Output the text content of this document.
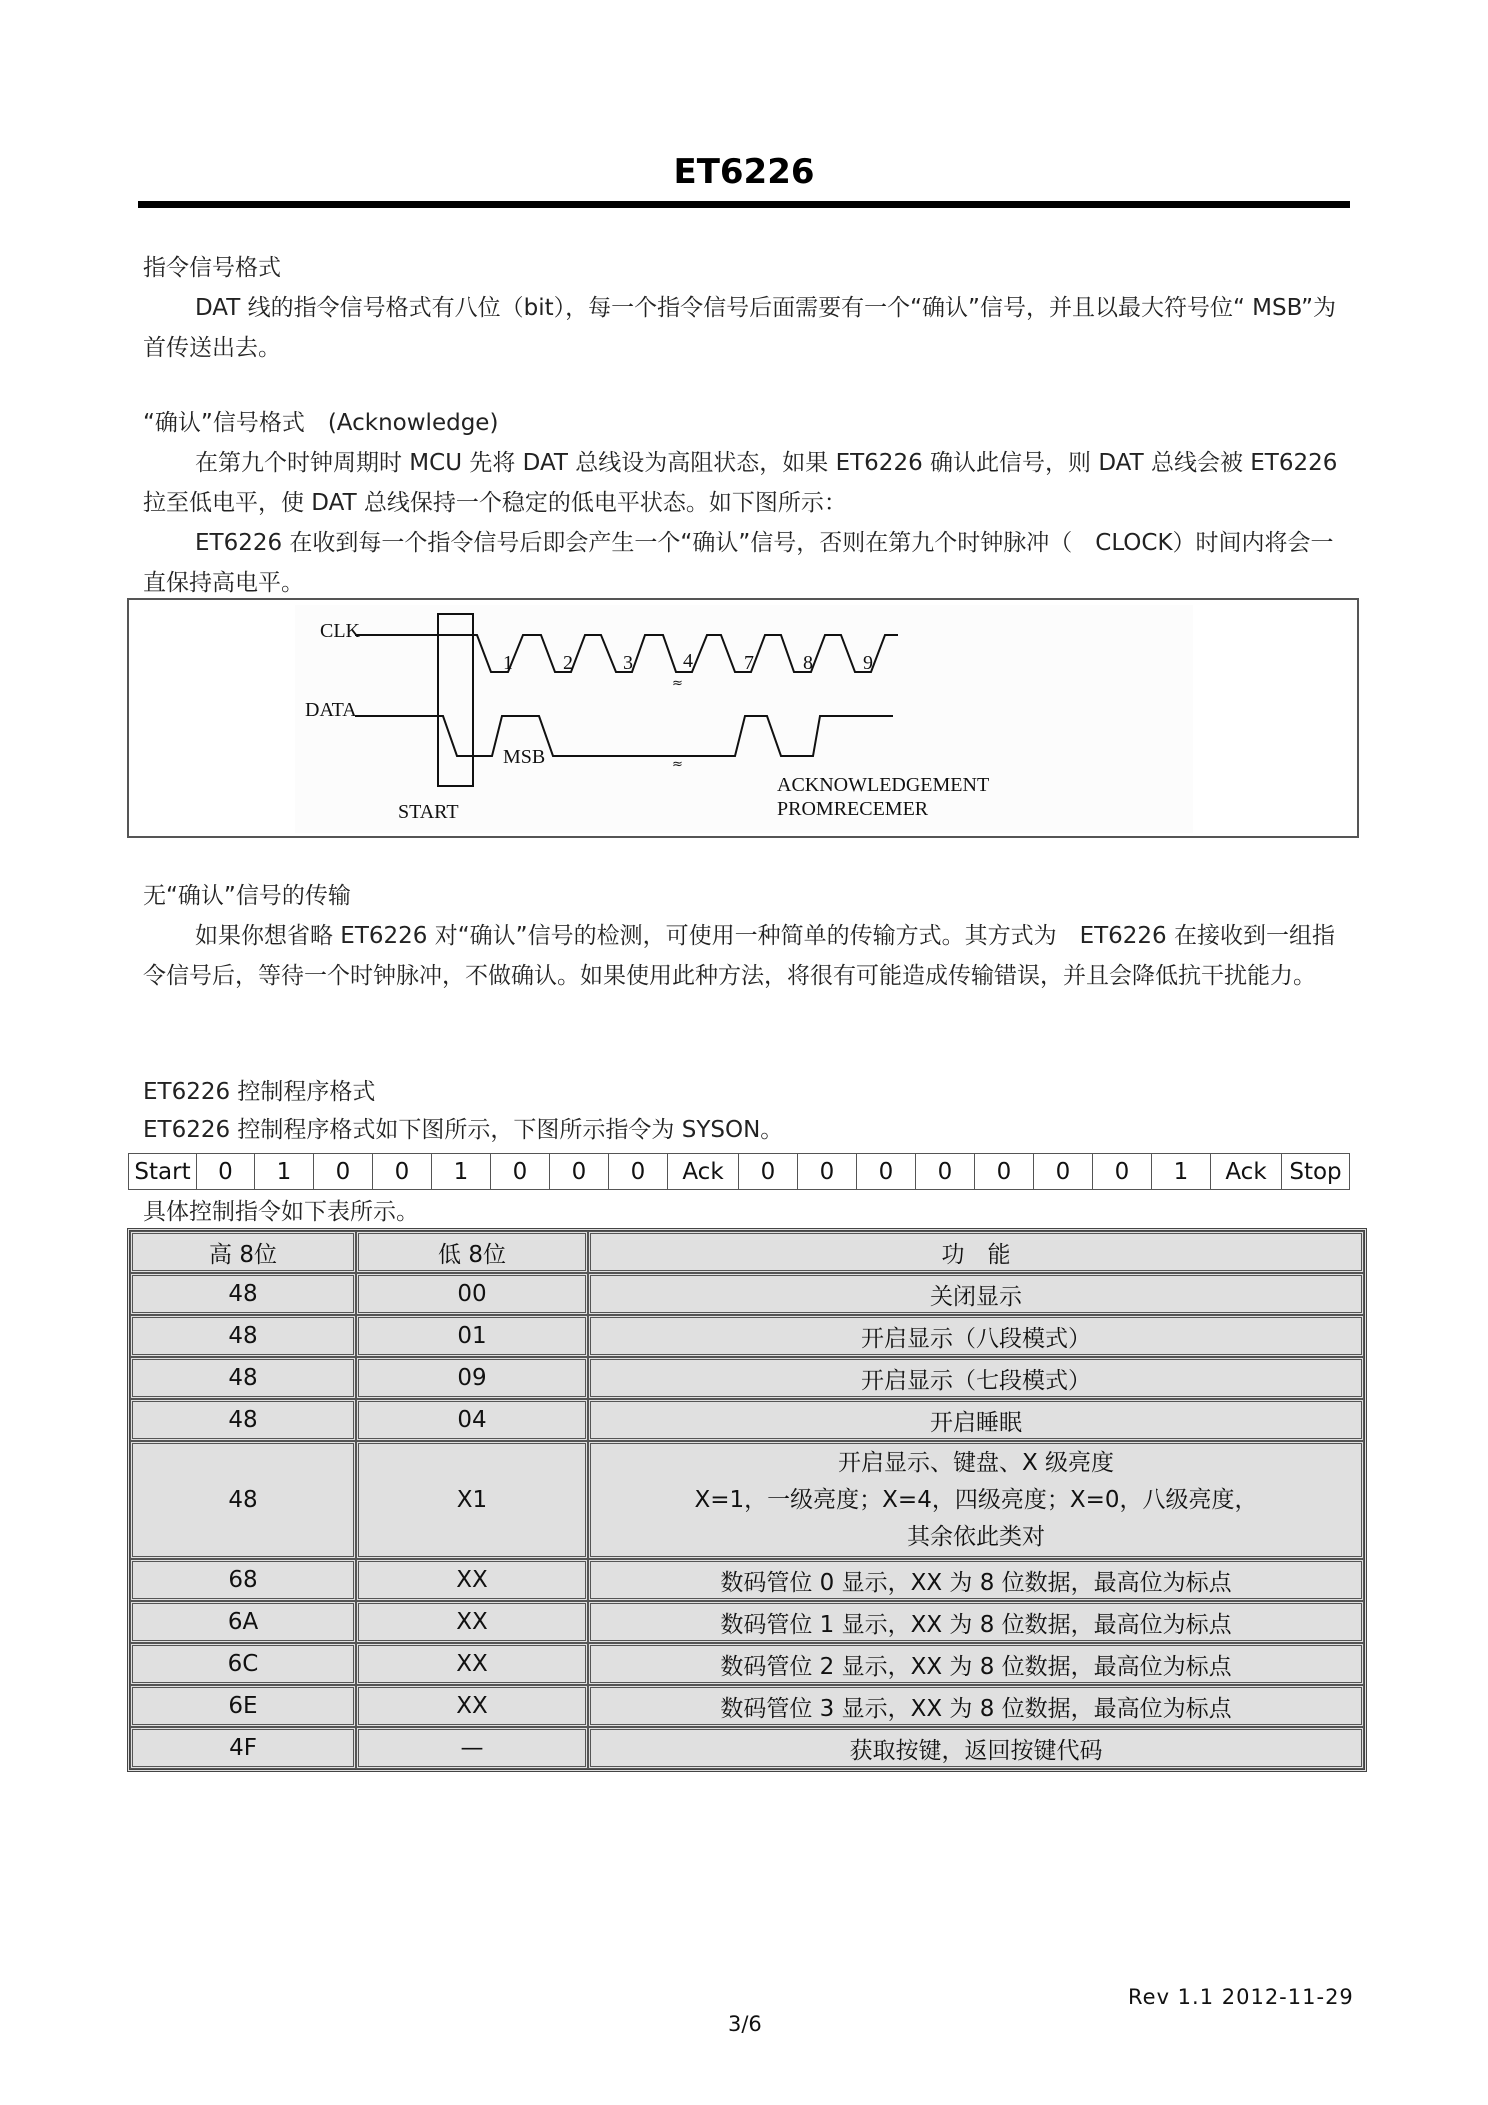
ET6226

指令信号格式

DAT 线的指令信号格式有八位（bit），每一个指令信号后面需要有一个“确认”信号，并且以最大符号位“ MSB”为首传送出去。

“确认”信号格式　(Acknowledge)

在第九个时钟周期时 MCU 先将 DAT 总线设为高阻状态，如果 ET6226 确认此信号，则 DAT 总线会被 ET6226 拉至低电平，使 DAT 总线保持一个稳定的低电平状态。如下图所示：

ET6226 在收到每一个指令信号后即会产生一个“确认”信号，否则在第九个时钟脉冲（　CLOCK）时间内将会一直保持高电平。

CLK
DATA
≈
1	2	3	4	7 8	9
≈
MSB
START
ACKNOWLEDGEMENT
PROMRECEMER

无“确认”信号的传输

如果你想省略 ET6226 对“确认”信号的检测，可使用一种简单的传输方式。其方式为　ET6226 在接收到一组指令信号后，等待一个时钟脉冲，不做确认。如果使用此种方法，将很有可能造成传输错误，并且会降低抗干扰能力。

ET6226 控制程序格式

ET6226 控制程序格式如下图所示，下图所示指令为 SYSON。

Start	0	1	0	0	1	0	0	0	Ack	0	0	0	0	0	0	0	1	Ack	Stop

具体控制指令如下表所示。

高 8位	低 8位	功　能
48	00	关闭显示
48	01	开启显示（八段模式）
48	09	开启显示（七段模式）
48	04	开启睡眠
48	X1	开启显示、键盘、X 级亮度
X=1，一级亮度；X=4，四级亮度；X=0，八级亮度，
其余依此类对

68	XX	数码管位 0 显示，XX 为 8 位数据，最高位为标点
6A	XX	数码管位 1 显示，XX 为 8 位数据，最高位为标点
6C	XX	数码管位 2 显示，XX 为 8 位数据，最高位为标点
6E	XX	数码管位 3 显示，XX 为 8 位数据，最高位为标点
4F	—	获取按键，返回按键代码
Rev 1.1 2012-11-29
3/6
